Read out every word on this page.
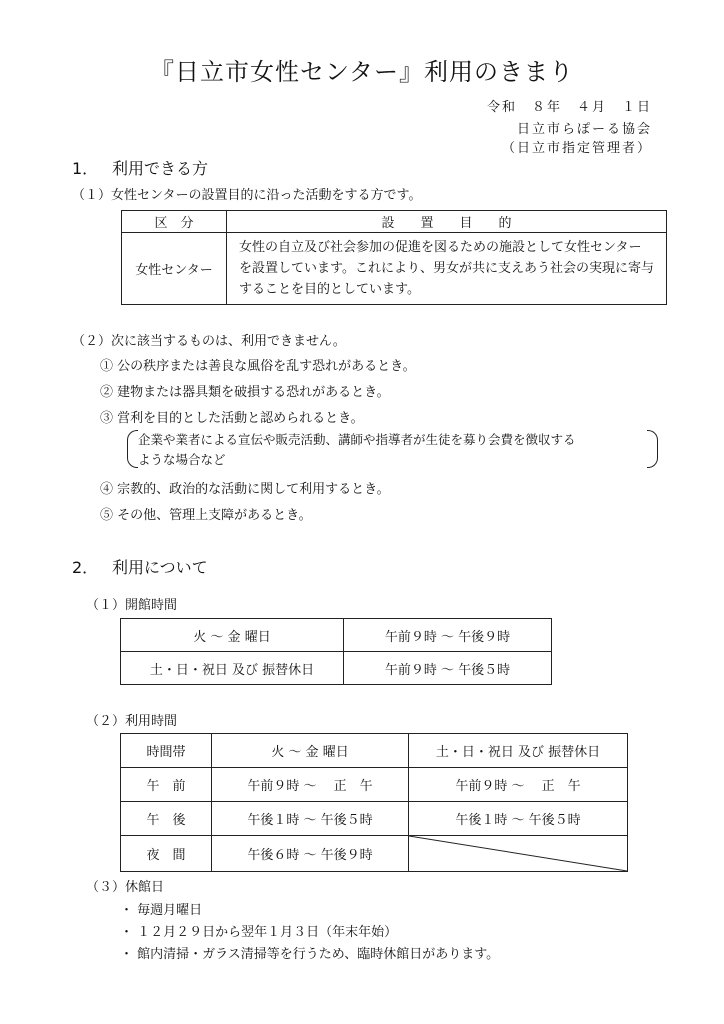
『日立市女性センター』利用のきまり
令和　８年　４月　１日
日立市らぽーる協会
（日立市指定管理者）
1． 利用できる方
（１）女性センターの設置目的に沿った活動をする方です。
区　分	設　　置　　目　　的
女性センター	女性の自立及び社会参加の促進を図るための施設として女性センターを設置しています。これにより、男女が共に支えあう社会の実現に寄与することを目的としています。
（２）次に該当するものは、利用できません。
① 公の秩序または善良な風俗を乱す恐れがあるとき。
② 建物または器具類を破損する恐れがあるとき。
③ 営利を目的とした活動と認められるとき。
企業や業者による宣伝や販売活動、講師や指導者が生徒を募り会費を徴収する
ような場合など
④ 宗教的、政治的な活動に関して利用するとき。
⑤ その他、管理上支障があるとき。
2． 利用について
（１）開館時間
火 ～ 金 曜日	午前９時 ～ 午後９時
土・日・祝日 及び 振替休日	午前９時 ～ 午後５時
（２）利用時間
時間帯	火 ～ 金 曜日	土・日・祝日 及び 振替休日
午　前	午前９時 ～　 正　午	午前９時 ～　 正　午
午　後	午後１時 ～ 午後５時	午後１時 ～ 午後５時
夜　間	午後６時 ～ 午後９時	
（３）休館日
・ 毎週月曜日
・ １２月２９日から翌年１月３日（年末年始）
・ 館内清掃・ガラス清掃等を行うため、臨時休館日があります。
